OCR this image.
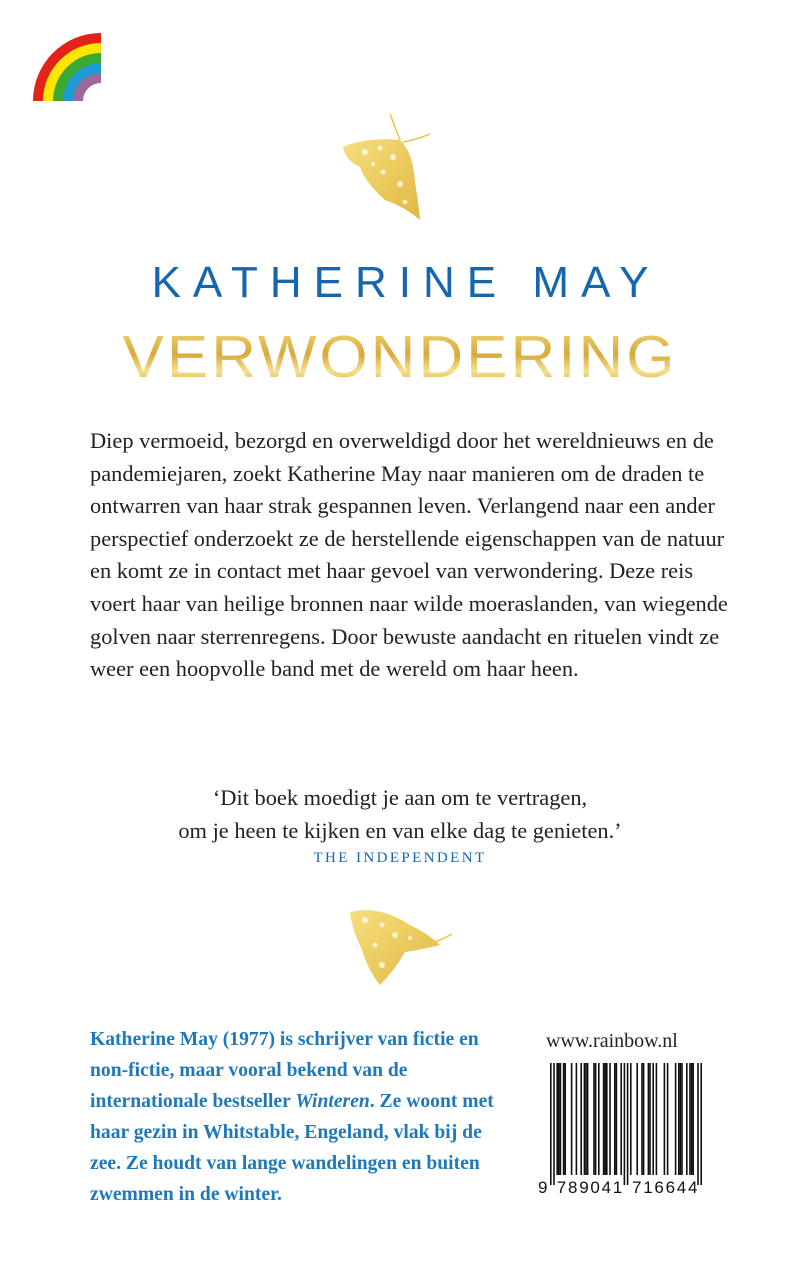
KATHERINE MAY
VERWONDERING

Diep vermoeid, bezorgd en overweldigd door het wereldnieuws en de pandemiejaren, zoekt Katherine May naar manieren om de draden te ontwarren van haar strak gespannen leven. Verlangend naar een ander perspectief onderzoekt ze de herstellende eigenschappen van de natuur en komt ze in contact met haar gevoel van verwondering. Deze reis voert haar van heilige bronnen naar wilde moeraslanden, van wiegende golven naar sterrenregens. Door bewuste aandacht en rituelen vindt ze weer een hoopvolle band met de wereld om haar heen.

‘Dit boek moedigt je aan om te vertragen,
om je heen te kijken en van elke dag te genieten.’
THE INDEPENDENT
Katherine May (1977) is schrijver van fictie en non-fictie, maar vooral bekend van de internationale bestseller Winteren. Ze woont met haar gezin in Whitstable, Engeland, vlak bij de zee. Ze houdt van lange wandelingen en buiten zwemmen in de winter.
www.rainbow.nl
9 7 8 9 0 4 1 7 1 6 6 4 4
